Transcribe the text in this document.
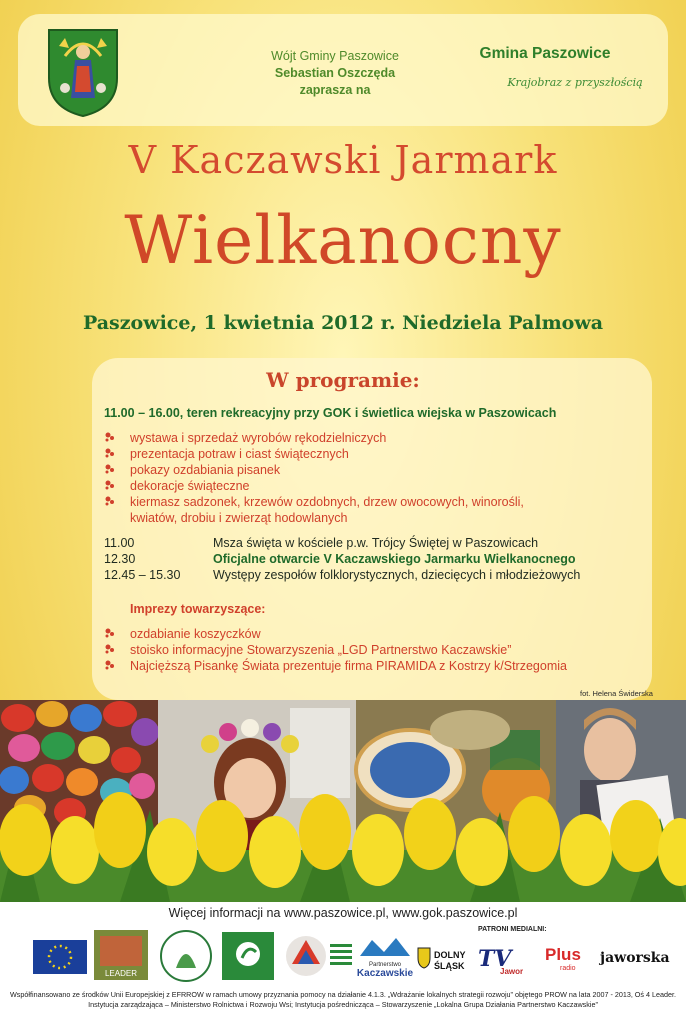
Wójt Gminy Paszowice
Sebastian Oszczęda
zaprasza na
Gmina Paszowice
Krajobraz z przyszłością
V Kaczawski Jarmark
Wielkanocny
Paszowice, 1 kwietnia 2012 r. Niedziela Palmowa
W programie:
11.00 – 16.00, teren rekreacyjny przy GOK i świetlica wiejska w Paszowicach
wystawa i sprzedaż wyrobów rękodzielniczych
prezentacja potraw i ciast świątecznych
pokazy ozdabiania pisanek
dekoracje świąteczne
kiermasz sadzonek, krzewów ozdobnych, drzew owocowych, winorośli,
kwiatów, drobiu i zwierząt hodowlanych
11.00	Msza święta w kościele p.w. Trójcy Świętej w Paszowicach
12.30	Oficjalne otwarcie V Kaczawskiego Jarmarku Wielkanocnego
12.45 – 15.30	Występy zespołów folklorystycznych, dziecięcych i młodzieżowych
Imprezy towarzyszące:
ozdabianie koszyczków
stoisko informacyjne Stowarzyszenia „LGD Partnerstwo Kaczawskie”
Najcięższą Pisankę Świata prezentuje firma PIRAMIDA z Kostrzy k/Strzegomia
fot. Helena Świderska
Więcej informacji na www.paszowice.pl, www.gok.paszowice.pl
PATRONI MEDIALNI:
LEADER
Partnerstwo
Kaczawskie
DOLNY
ŚLĄSK TV
Jawor
Plus
radio
jaworska
Współfinansowano ze środków Unii Europejskiej z EFRROW w ramach umowy przyznania pomocy na działanie 4.1.3. „Wdrażanie lokalnych strategii rozwoju” objętego PROW na lata 2007 - 2013, Oś 4 Leader.
Instytucja zarządzająca – Ministerstwo Rolnictwa i Rozwoju Wsi; Instytucja pośrednicząca – Stowarzyszenie „Lokalna Grupa Działania Partnerstwo Kaczawskie”
